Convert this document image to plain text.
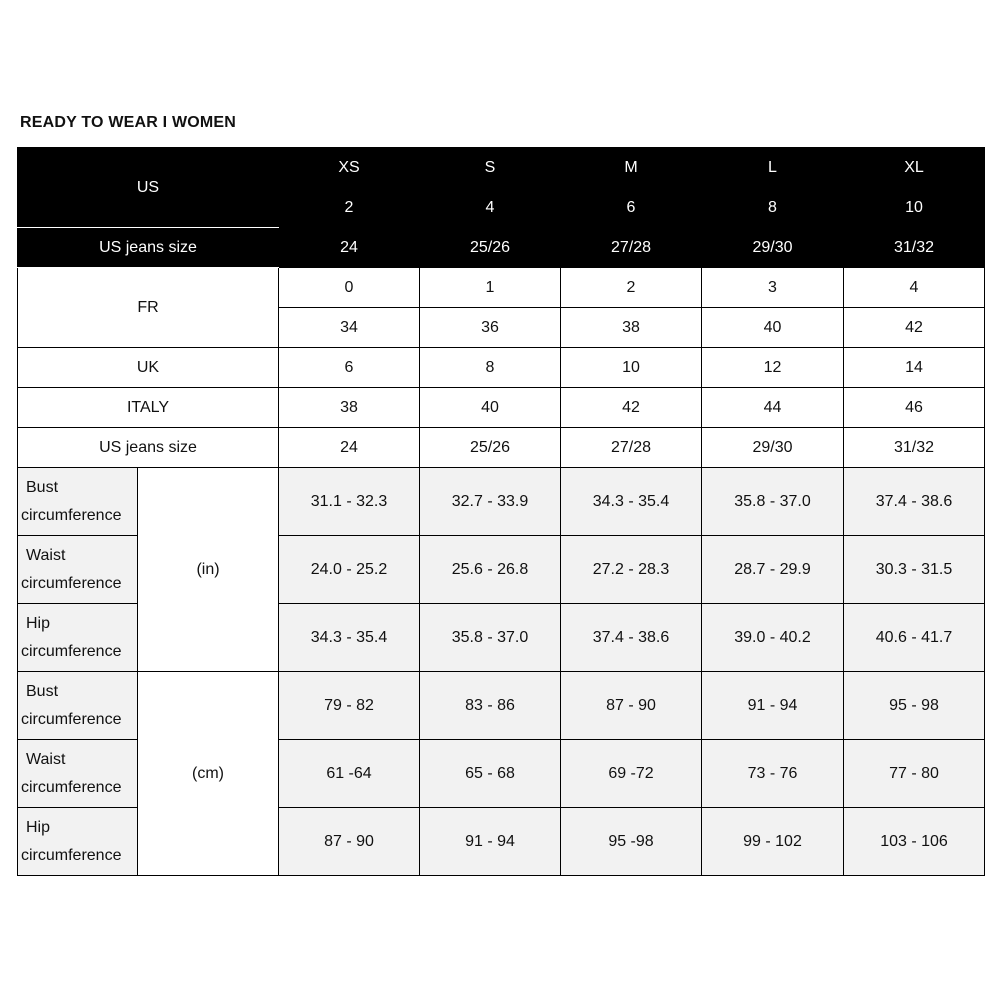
READY TO WEAR I WOMEN
US		XS	S	M	L	XL
		2	4	6	8	10
US jeans size		24	25/26	27/28	29/30	31/32
FR		0	1	2	3	4
		34	36	38	40	42
UK		6	8	10	12	14
ITALY		38	40	42	44	46
US jeans size		24	25/26	27/28	29/30	31/32

Bust
circumference	(in)	31.1 - 32.3	32.7 - 33.9	34.3 - 35.4	35.8 - 37.0	37.4 - 38.6

Waist
circumference		24.0 - 25.2	25.6 - 26.8	27.2 - 28.3	28.7 - 29.9	30.3 - 31.5

Hip
circumference		34.3 - 35.4	35.8 - 37.0	37.4 - 38.6	39.0 - 40.2	40.6 - 41.7

Bust
circumference	(cm)	79 - 82	83 - 86	87 - 90	91 - 94	95 - 98

Waist
circumference		61 -64	65 - 68	69 -72	73 - 76	77 - 80

Hip
circumference		87 - 90	91 - 94	95 -98	99 - 102	103 - 106
